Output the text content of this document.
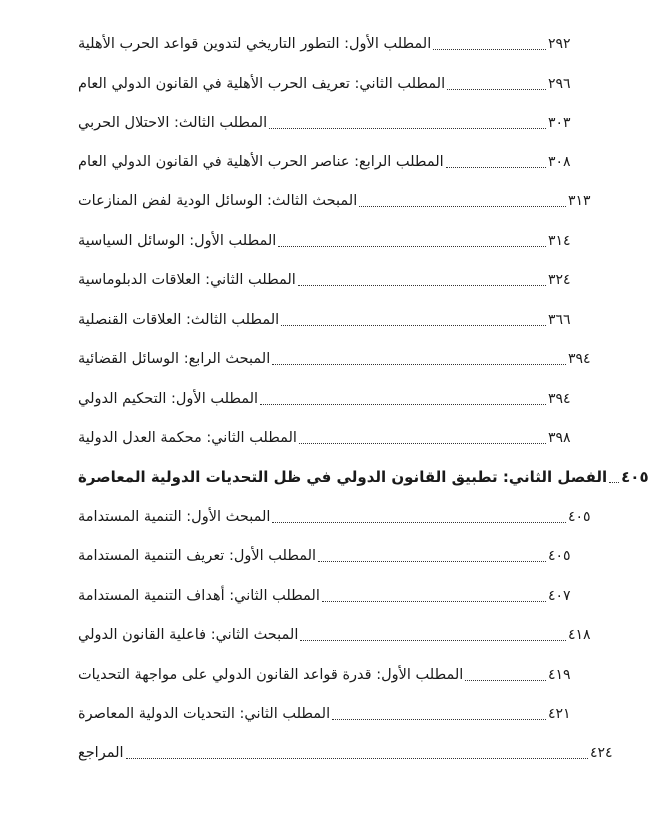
المطلب الأول: التطور التاريخي لتدوين قواعد الحرب الأهلية	٢٩٢
المطلب الثاني: تعريف الحرب الأهلية في القانون الدولي العام	٢٩٦
المطلب الثالث: الاحتلال الحربي	٣٠٣
المطلب الرابع: عناصر الحرب الأهلية في القانون الدولي العام	٣٠٨
المبحث الثالث: الوسائل الودية لفض المنازعات	٣١٣
المطلب الأول: الوسائل السياسية	٣١٤
المطلب الثاني: العلاقات الدبلوماسية	٣٢٤
المطلب الثالث: العلاقات القنصلية	٣٦٦
المبحث الرابع: الوسائل القضائية	٣٩٤
المطلب الأول: التحكيم الدولي	٣٩٤
المطلب الثاني: محكمة العدل الدولية	٣٩٨
الفصل الثاني: تطبيق القانون الدولي في ظل التحديات الدولية المعاصرة ٤٠٥
المبحث الأول: التنمية المستدامة	٤٠٥
المطلب الأول: تعريف التنمية المستدامة	٤٠٥
المطلب الثاني: أهداف التنمية المستدامة	٤٠٧
المبحث الثاني: فاعلية القانون الدولي	٤١٨
المطلب الأول: قدرة قواعد القانون الدولي على مواجهة التحديات	٤١٩
المطلب الثاني: التحديات الدولية المعاصرة	٤٢١
المراجع	٤٢٤
